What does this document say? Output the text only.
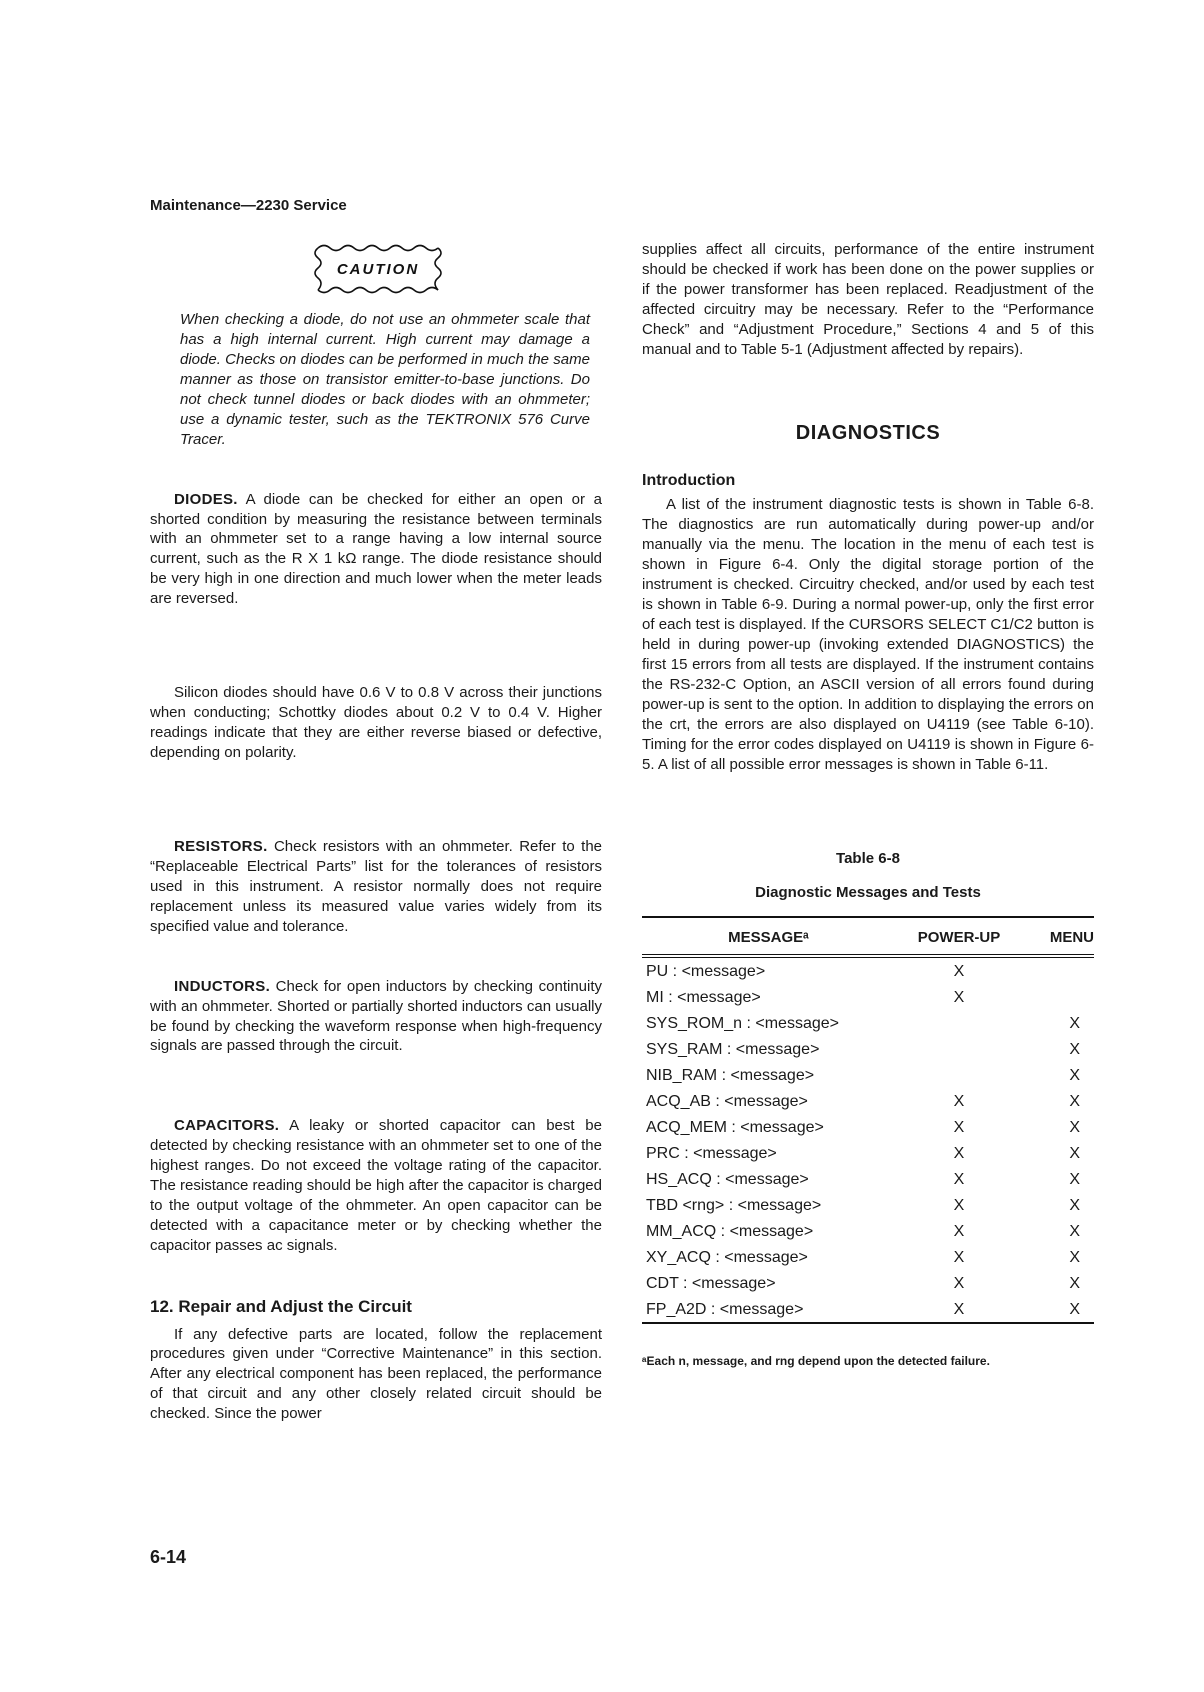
Maintenance—2230 Service
CAUTION

When checking a diode, do not use an ohmmeter scale that has a high internal current. High current may damage a diode. Checks on diodes can be performed in much the same manner as those on transistor emitter-to-base junctions. Do not check tunnel diodes or back diodes with an ohmmeter; use a dynamic tester, such as the TEKTRONIX 576 Curve Tracer.

DIODES. A diode can be checked for either an open or a shorted condition by measuring the resistance between terminals with an ohmmeter set to a range having a low internal source current, such as the R X 1 kΩ range. The diode resistance should be very high in one direction and much lower when the meter leads are reversed.

Silicon diodes should have 0.6 V to 0.8 V across their junctions when conducting; Schottky diodes about 0.2 V to 0.4 V. Higher readings indicate that they are either reverse biased or defective, depending on polarity.

RESISTORS. Check resistors with an ohmmeter. Refer to the “Replaceable Electrical Parts” list for the tolerances of resistors used in this instrument. A resistor normally does not require replacement unless its measured value varies widely from its specified value and tolerance.

INDUCTORS. Check for open inductors by checking continuity with an ohmmeter. Shorted or partially shorted inductors can usually be found by checking the waveform response when high-frequency signals are passed through the circuit.

CAPACITORS. A leaky or shorted capacitor can best be detected by checking resistance with an ohmmeter set to one of the highest ranges. Do not exceed the voltage rating of the capacitor. The resistance reading should be high after the capacitor is charged to the output voltage of the ohmmeter. An open capacitor can be detected with a capacitance meter or by checking whether the capacitor passes ac signals.

12. Repair and Adjust the Circuit

If any defective parts are located, follow the replacement procedures given under “Corrective Maintenance” in this section. After any electrical component has been replaced, the performance of that circuit and any other closely related circuit should be checked. Since the power

supplies affect all circuits, performance of the entire instrument should be checked if work has been done on the power supplies or if the power transformer has been replaced. Readjustment of the affected circuitry may be necessary. Refer to the “Performance Check” and “Adjustment Procedure,” Sections 4 and 5 of this manual and to Table 5-1 (Adjustment affected by repairs).

DIAGNOSTICS
Introduction

A list of the instrument diagnostic tests is shown in Table 6-8. The diagnostics are run automatically during power-up and/or manually via the menu. The location in the menu of each test is shown in Figure 6-4. Only the digital storage portion of the instrument is checked. Circuitry checked, and/or used by each test is shown in Table 6-9. During a normal power-up, only the first error of each test is displayed. If the CURSORS SELECT C1/C2 button is held in during power-up (invoking extended DIAGNOSTICS) the first 15 errors from all tests are displayed. If the instrument contains the RS-232-C Option, an ASCII version of all errors found during power-up is sent to the option. In addition to displaying the errors on the crt, the errors are also displayed on U4119 (see Table 6-10). Timing for the error codes displayed on U4119 is shown in Figure 6-5. A list of all possible error messages is shown in Table 6-11.

Table 6-8
Diagnostic Messages and Tests
MESSAGEᵃ	POWER-UP	MENU
PU : <message>	X	
MI : <message>	X	
SYS_ROM_n : <message>		X
SYS_RAM : <message>		X
NIB_RAM : <message>		X
ACQ_AB : <message>	X	X
ACQ_MEM : <message>	X	X
PRC : <message>	X	X
HS_ACQ : <message>	X	X
TBD <rng> : <message>	X	X
MM_ACQ : <message>	X	X
XY_ACQ : <message>	X	X
CDT : <message>	X	X
FP_A2D : <message>	X	X
ᵃEach n, message, and rng depend upon the detected failure.
6-14
